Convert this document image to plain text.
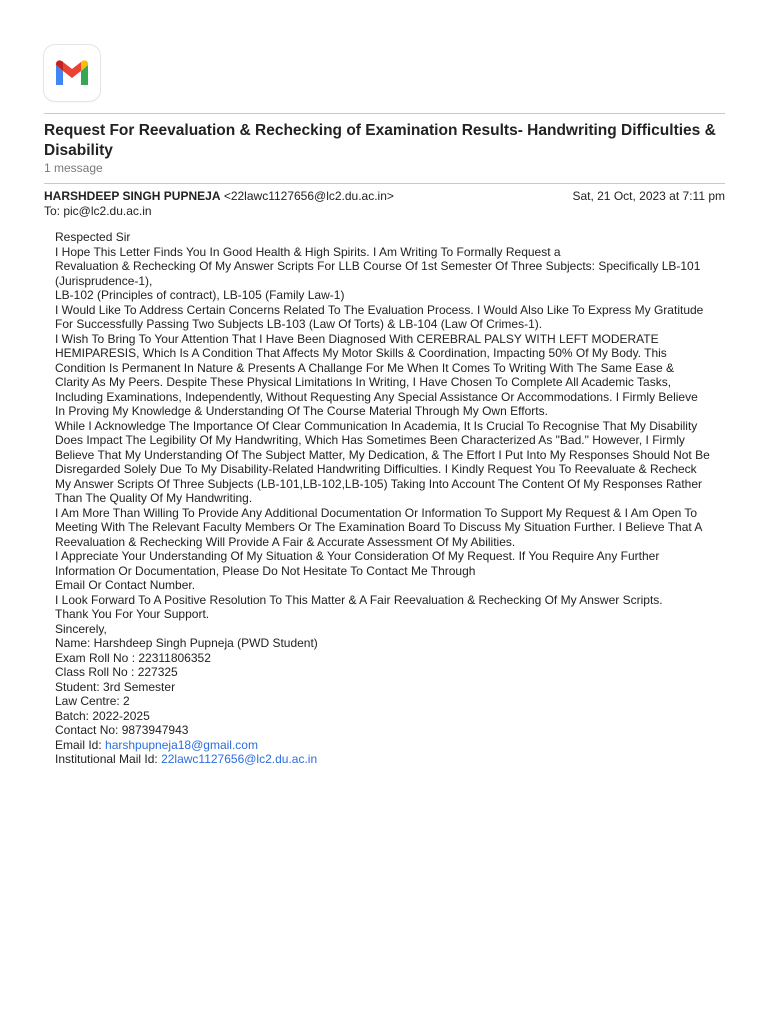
Request For Reevaluation & Rechecking of Examination Results- Handwriting Difficulties & Disability
1 message
HARSHDEEP SINGH PUPNEJA <22lawc1127656@lc2.du.ac.in>	Sat, 21 Oct, 2023 at 7:11 pm
To: pic@lc2.du.ac.in
Respected Sir
I Hope This Letter Finds You In Good Health & High Spirits. I Am Writing To Formally Request a
Revaluation & Rechecking Of My Answer Scripts For LLB Course Of 1st Semester Of Three Subjects: Specifically LB-101
(Jurisprudence-1),
LB-102 (Principles of contract), LB-105 (Family Law-1)
I Would Like To Address Certain Concerns Related To The Evaluation Process. I Would Also Like To Express My Gratitude
For Successfully Passing Two Subjects LB-103 (Law Of Torts) & LB-104 (Law Of Crimes-1).
I Wish To Bring To Your Attention That I Have Been Diagnosed With CEREBRAL PALSY WITH LEFT MODERATE
HEMIPARESIS, Which Is A Condition That Affects My Motor Skills & Coordination, Impacting 50% Of My Body. This
Condition Is Permanent In Nature & Presents A Challange For Me When It Comes To Writing With The Same Ease &
Clarity As My Peers. Despite These Physical Limitations In Writing, I Have Chosen To Complete All Academic Tasks,
Including Examinations, Independently, Without Requesting Any Special Assistance Or Accommodations. I Firmly Believe
In Proving My Knowledge & Understanding Of The Course Material Through My Own Efforts.
While I Acknowledge The Importance Of Clear Communication In Academia, It Is Crucial To Recognise That My Disability
Does Impact The Legibility Of My Handwriting, Which Has Sometimes Been Characterized As "Bad." However, I Firmly
Believe That My Understanding Of The Subject Matter, My Dedication, & The Effort I Put Into My Responses Should Not Be
Disregarded Solely Due To My Disability-Related Handwriting Difficulties. I Kindly Request You To Reevaluate & Recheck
My Answer Scripts Of Three Subjects (LB-101,LB-102,LB-105) Taking Into Account The Content Of My Responses Rather
Than The Quality Of My Handwriting.
I Am More Than Willing To Provide Any Additional Documentation Or Information To Support My Request & I Am Open To
Meeting With The Relevant Faculty Members Or The Examination Board To Discuss My Situation Further. I Believe That A
Reevaluation & Rechecking Will Provide A Fair & Accurate Assessment Of My Abilities.
I Appreciate Your Understanding Of My Situation & Your Consideration Of My Request. If You Require Any Further
Information Or Documentation, Please Do Not Hesitate To Contact Me Through
Email Or Contact Number.
I Look Forward To A Positive Resolution To This Matter & A Fair Reevaluation & Rechecking Of My Answer Scripts.
Thank You For Your Support.
Sincerely,
Name: Harshdeep Singh Pupneja (PWD Student)
Exam Roll No : 22311806352
Class Roll No : 227325
Student: 3rd Semester
Law Centre: 2
Batch: 2022-2025
Contact No: 9873947943
Email Id: harshpupneja18@gmail.com
Institutional Mail Id: 22lawc1127656@lc2.du.ac.in
